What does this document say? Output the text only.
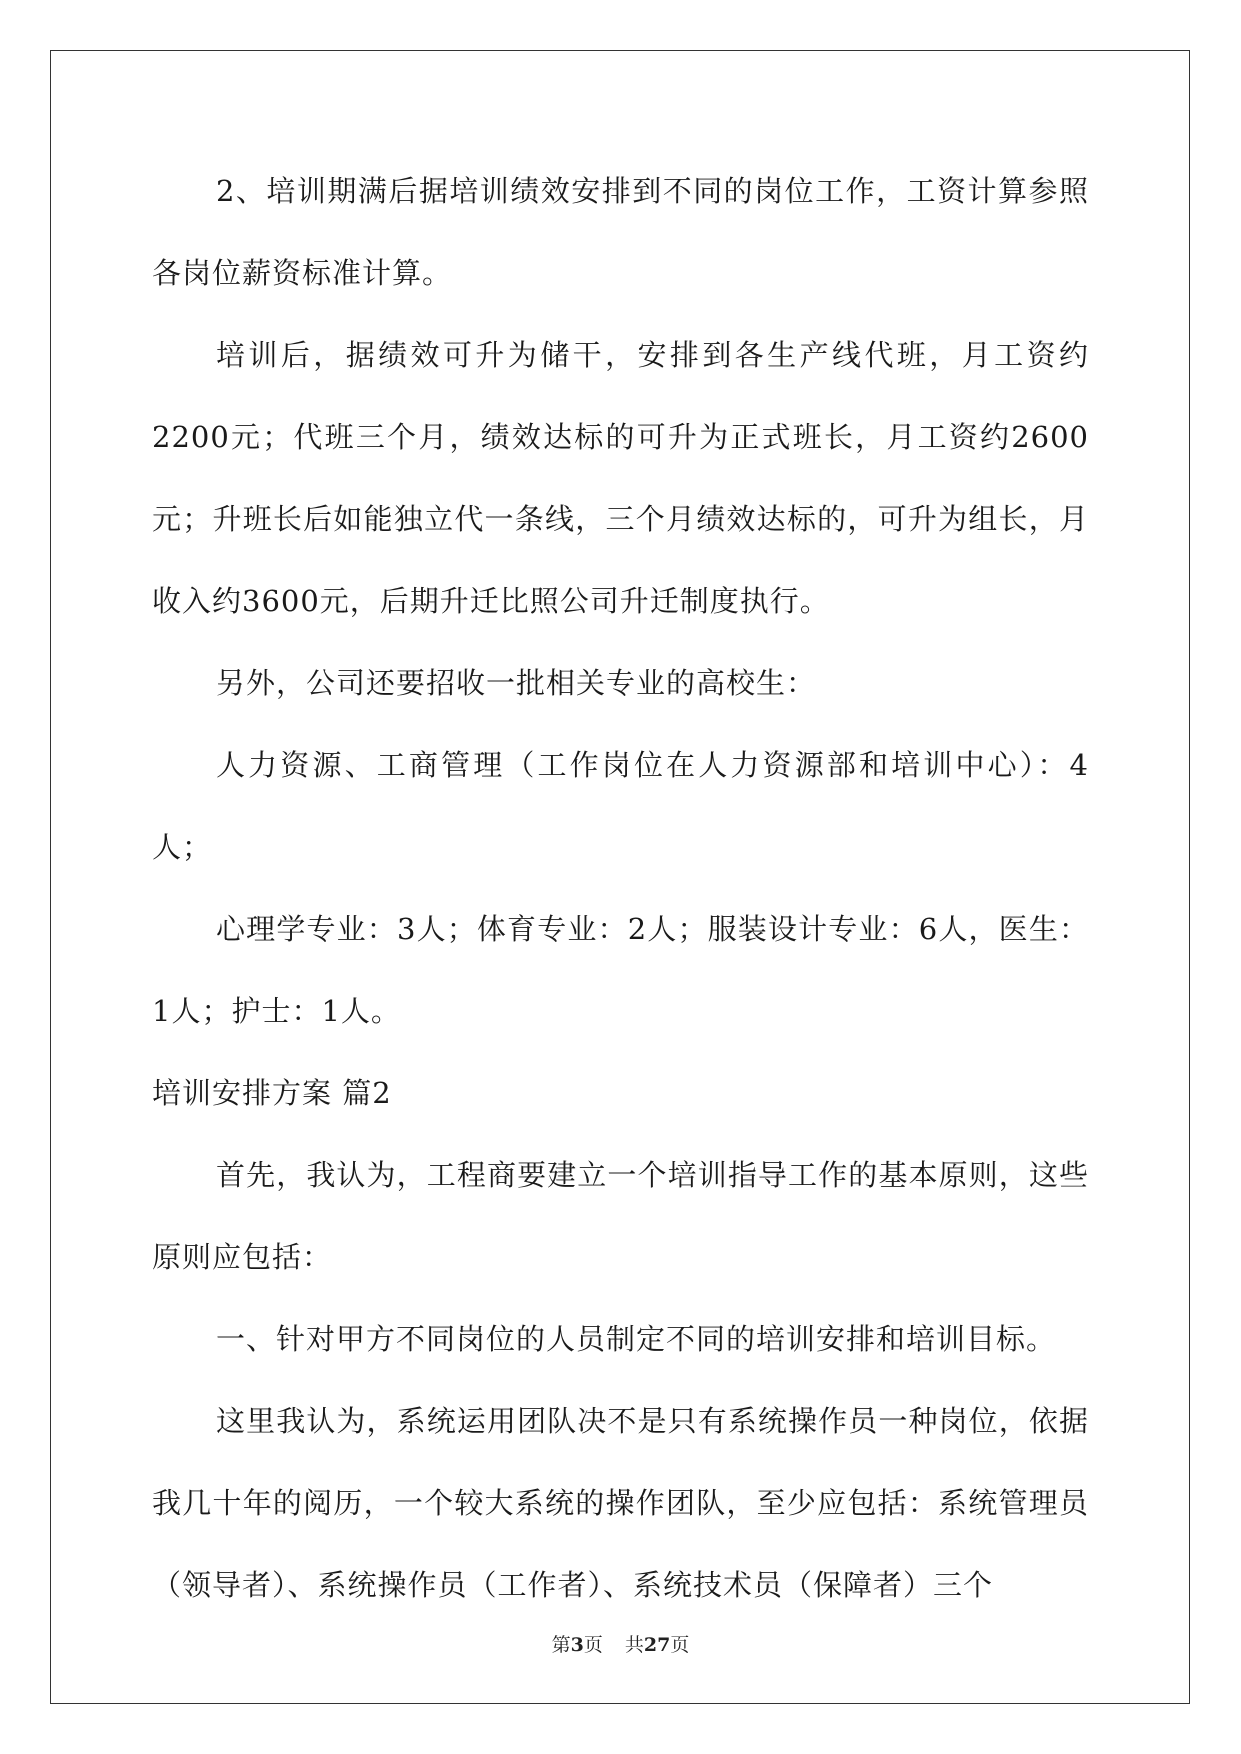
2、培训期满后据培训绩效安排到不同的岗位工作，工资计算参照各岗位薪资标准计算。

培训后，据绩效可升为储干，安排到各生产线代班，月工资约2200元；代班三个月，绩效达标的可升为正式班长，月工资约2600元；升班长后如能独立代一条线，三个月绩效达标的，可升为组长，月收入约3600元，后期升迁比照公司升迁制度执行。

另外，公司还要招收一批相关专业的高校生：

人力资源、工商管理（工作岗位在人力资源部和培训中心）：4人；

心理学专业：3人；体育专业：2人；服装设计专业：6人，医生：1人；护士：1人。

培训安排方案 篇2

首先，我认为，工程商要建立一个培训指导工作的基本原则，这些原则应包括：

一、针对甲方不同岗位的人员制定不同的培训安排和培训目标。

这里我认为，系统运用团队决不是只有系统操作员一种岗位，依据我几十年的阅历，一个较大系统的操作团队，至少应包括：系统管理员（领导者）、系统操作员（工作者）、系统技术员（保障者）三个

第3页 共27页
